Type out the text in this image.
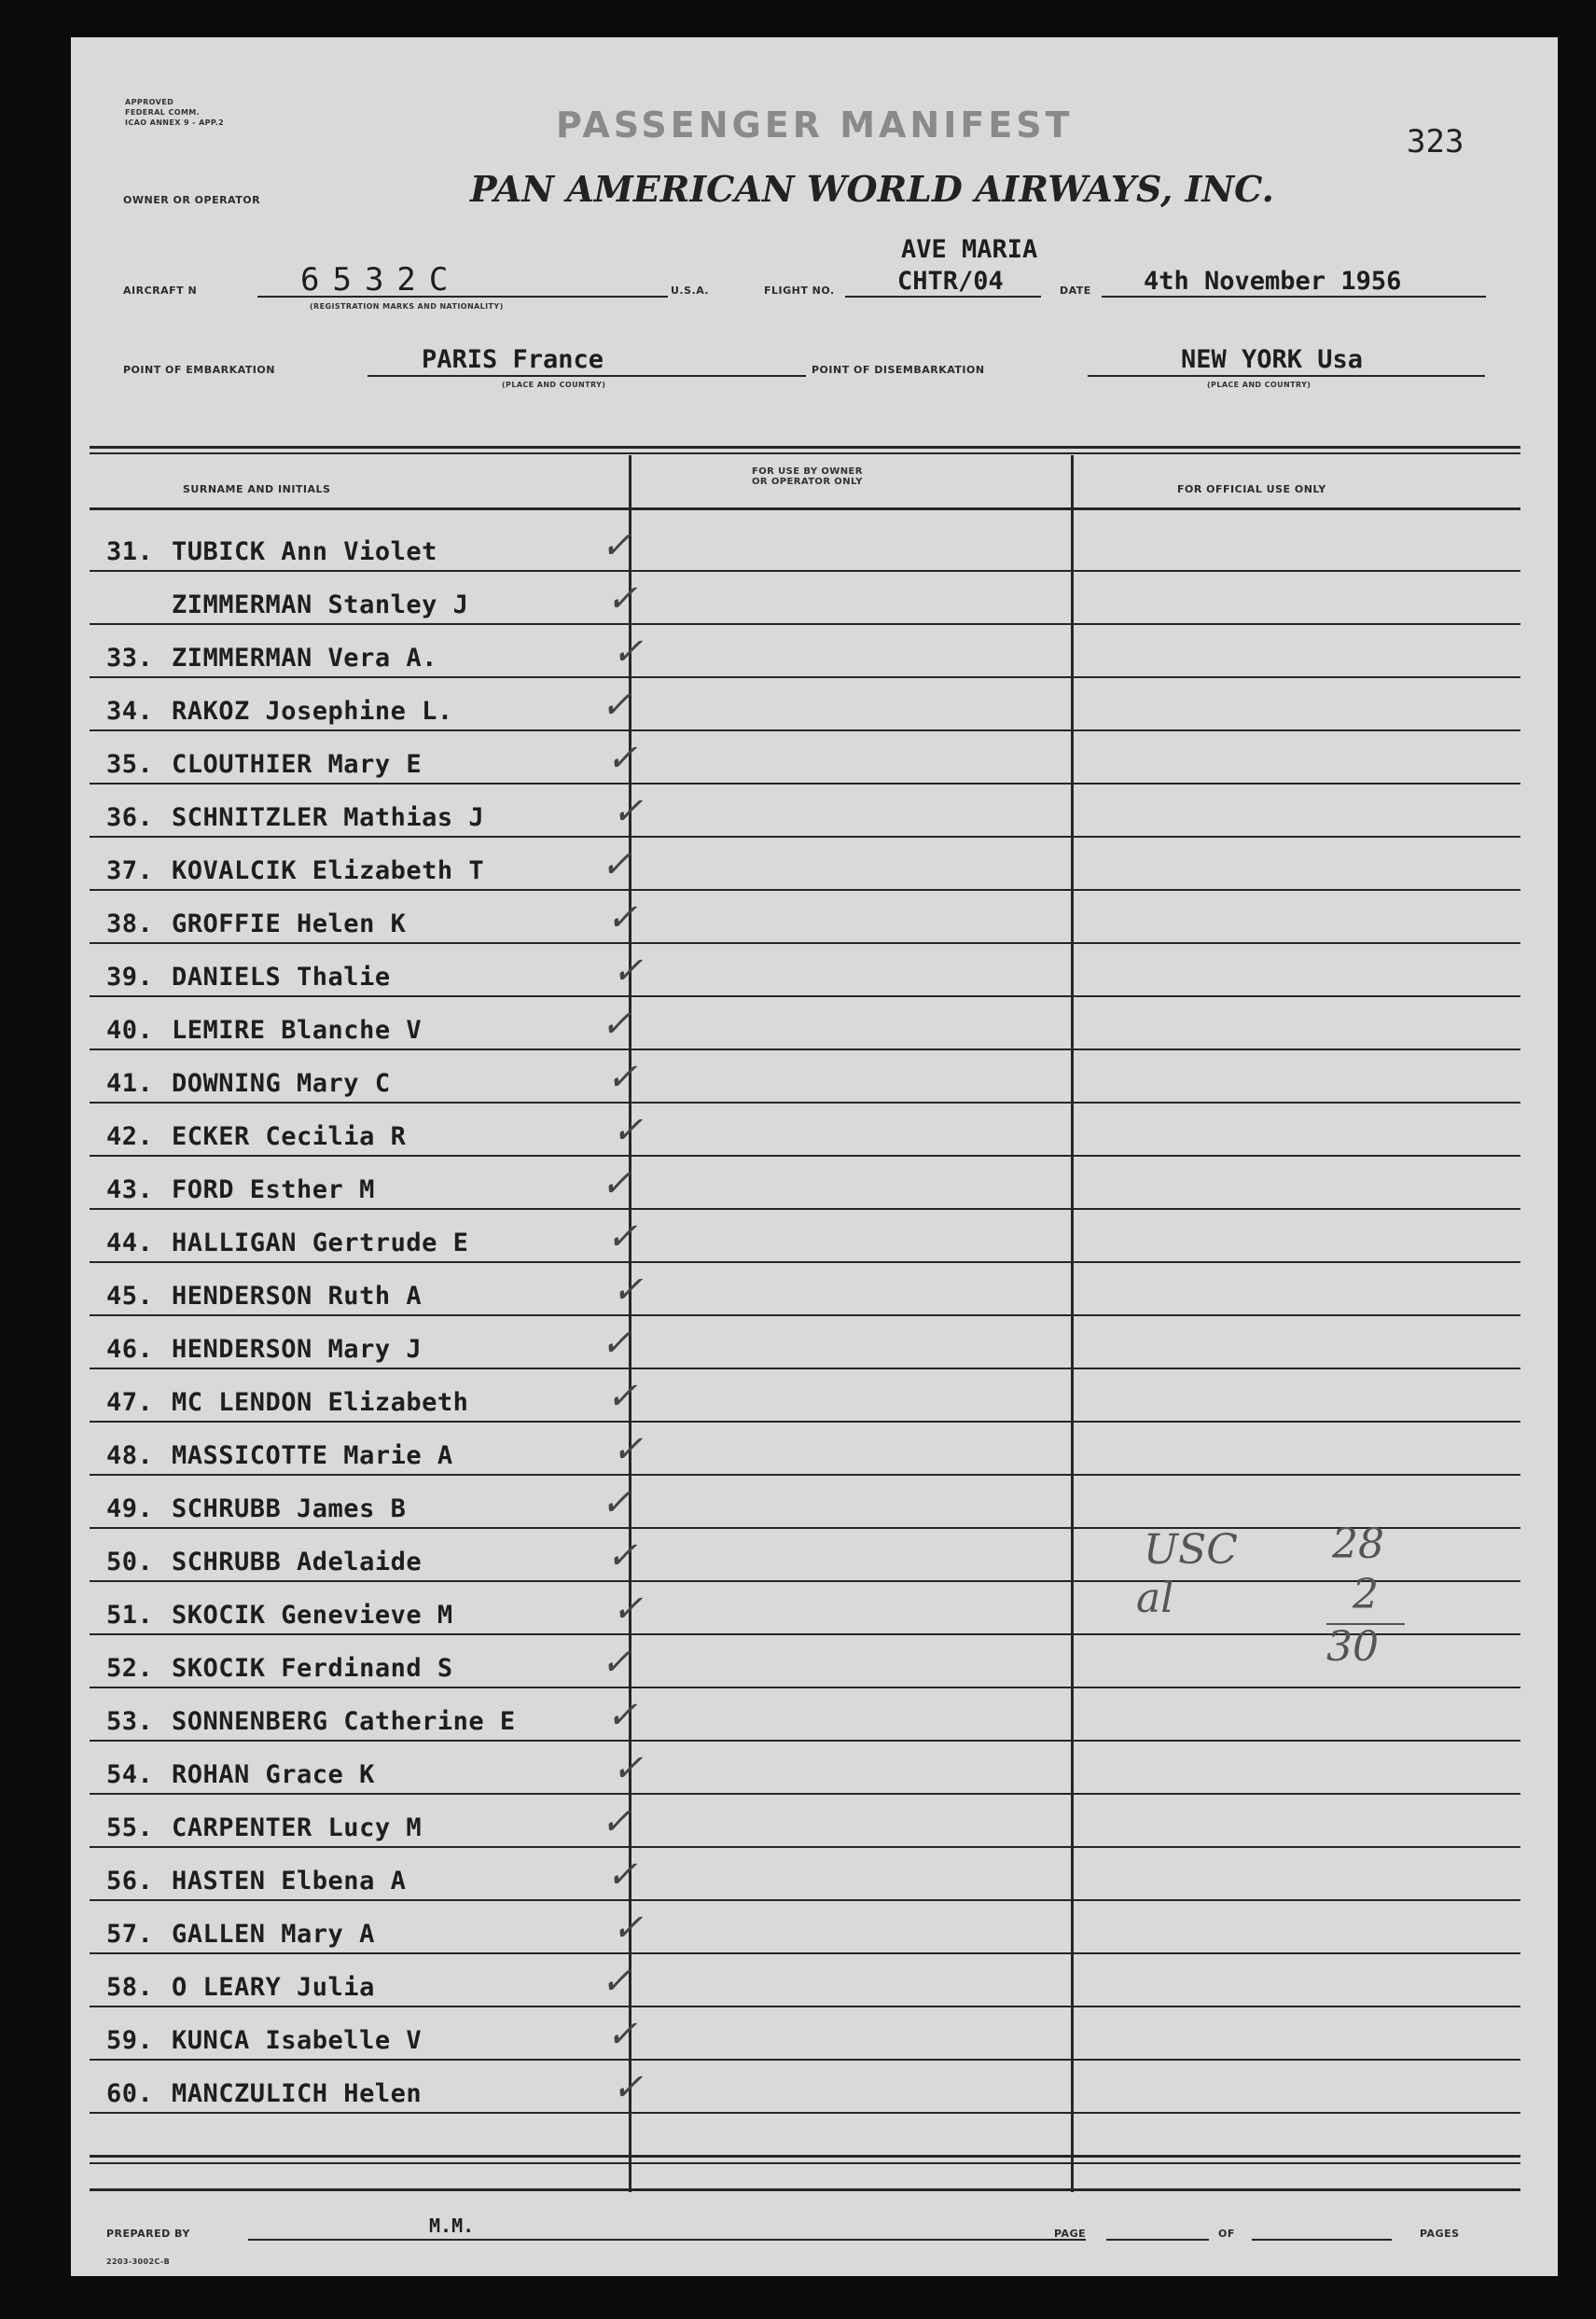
APPROVED
FEDERAL COMM.
ICAO ANNEX 9 - APP.2	PASSENGER MANIFEST	323
OWNER OR OPERATOR	PAN AMERICAN WORLD AIRWAYS, INC.
AIRCRAFT N	6532C
(REGISTRATION MARKS AND NATIONALITY)
U.S.A.	FLIGHT NO.
AVE MARIA
CHTR/04	DATE 4th November 1956
POINT OF EMBARKATION	PARIS France
(PLACE AND COUNTRY)
POINT OF DISEMBARKATION	NEW YORK Usa
(PLACE AND COUNTRY)
SURNAME AND INITIALS
FOR USE BY OWNER
OR OPERATOR ONLY
FOR OFFICIAL USE ONLY
31. TUBICK Ann Violet	✓
ZIMMERMAN Stanley J	✓
33. ZIMMERMAN Vera A.	✓
34. RAKOZ Josephine L.	✓
35. CLOUTHIER Mary E	✓
36. SCHNITZLER Mathias J	✓
37. KOVALCIK Elizabeth T	✓
38. GROFFIE Helen K	✓
39. DANIELS Thalie	✓
40. LEMIRE Blanche V	✓
41. DOWNING Mary C	✓
42. ECKER Cecilia R	✓
43. FORD Esther M	✓
44. HALLIGAN Gertrude E	✓
45. HENDERSON Ruth A	✓
46. HENDERSON Mary J	✓
47. MC LENDON Elizabeth	✓
48. MASSICOTTE Marie A	✓
49. SCHRUBB James B	✓
50. SCHRUBB Adelaide	✓
51. SKOCIK Genevieve M	✓
52. SKOCIK Ferdinand S	✓
53. SONNENBERG Catherine E ✓
54. ROHAN Grace K	✓
55. CARPENTER Lucy M	✓
56. HASTEN Elbena A	✓
57. GALLEN Mary A	✓
58. O LEARY Julia	✓
59. KUNCA Isabelle V	✓
60. MANCZULICH Helen	✓
USC 28
al	2
30
PREPARED BY	M.M.	PAGE	OF	PAGES
2203-3002C-B
